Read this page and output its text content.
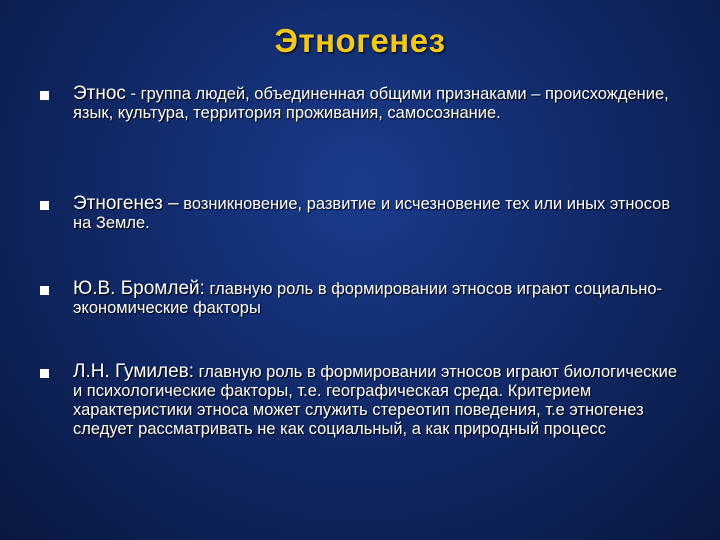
Этногенез
Этнос - группа людей, объединенная общими признаками – происхождение, язык, культура, территория проживания, самосознание.
Этногенез – возникновение, развитие и исчезновение тех или иных этносов на Земле.
Ю.В. Бромлей: главную роль в формировании этносов играют социально-экономические факторы
Л.Н. Гумилев: главную роль в формировании этносов играют биологические и психологические факторы, т.е. географическая среда. Критерием характеристики этноса может служить стереотип поведения, т.е этногенез следует рассматривать не как социальный, а как природный процесс
